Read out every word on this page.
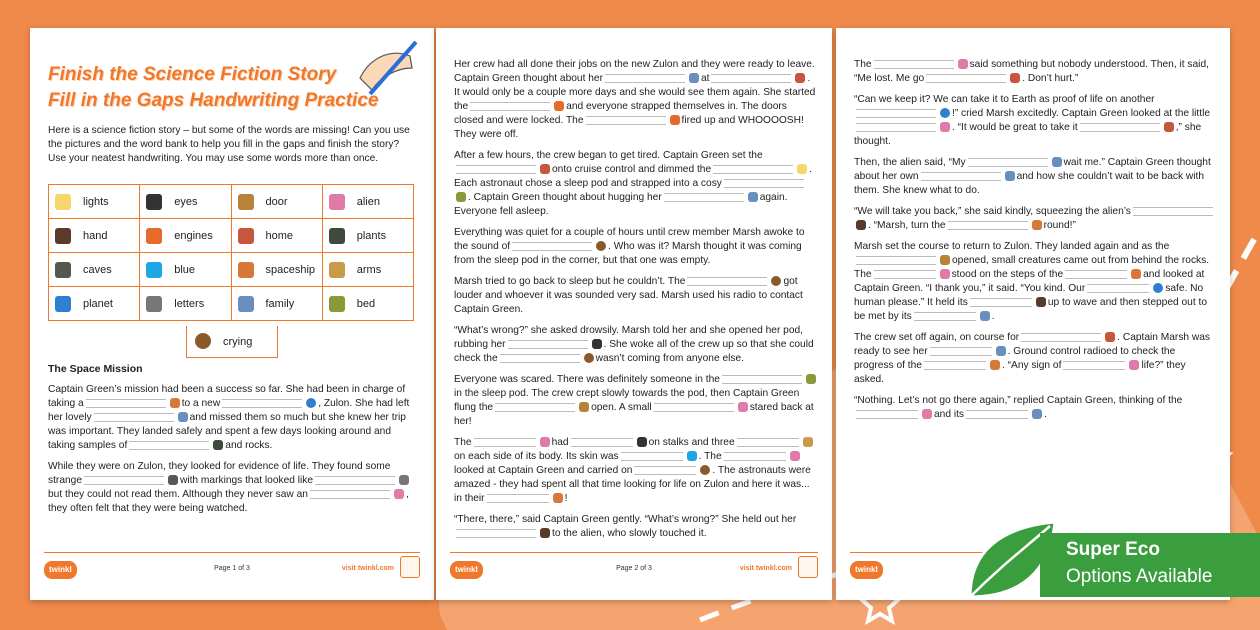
Finish the Science Fiction Story
Fill in the Gaps Handwriting Practice
Here is a science fiction story – but some of the words are missing! Can you use the pictures and the word bank to help you fill in the gaps and finish the story? Use your neatest handwriting. You may use some words more than once.
lights	eyes	door	alien

hand	engines	home	plants

caves	blue	spaceship	arms

planet	letters	family	bed
crying

The Space Mission

Captain Green’s mission had been a success so far. She had been in charge of taking a	to a new	, Zulon. She had left her lovely	and missed them so much but she knew her trip was important. They landed safely and spent a few days looking around and taking samples of	and rocks.

While they were on Zulon, they looked for evidence of life. They found some strange	with markings that looked likebut they could not read them. Although they never saw an	, they often felt that they were being watched.

twinkl	Page 1 of 3	visit twinkl.com

Her crew had all done their jobs on the new Zulon and they were ready to leave. Captain Green thought about her	at	. It would only be a couple more days and she would see them again. She started the	and everyone strapped themselves in. The doors closed and were locked. The	fired up and WHOOOOSH! They were off.

After a few hours, the crew began to get tired. Captain Green set theonto cruise control and dimmed the	. Each astronaut chose a sleep pod and strapped into a cosy. Captain Green thought about hugging her	again. Everyone fell asleep.

Everything was quiet for a couple of hours until crew member Marsh awoke to the sound of	. Who was it? Marsh thought it was coming from the sleep pod in the corner, but that one was empty.

Marsh tried to go back to sleep but he couldn’t. The	got louder and whoever it was sounded very sad. Marsh used his radio to contact Captain Green.

“What’s wrong?” she asked drowsily. Marsh told her and she opened her pod, rubbing her	. She woke all of the crew up so that she could check the	wasn’t coming from anyone else.

Everyone was scared. There was definitely someone in thein the sleep pod. The crew crept slowly towards the pod, then Captain Green flung the	open. A small	stared back at her!

The	had	on stalks and threeon each side of its body. Its skin was	. Thelooked at Captain Green and carried on	. The astronauts were amazed - they had spent all that time looking for life on Zulon and here it was... in their	!

“There, there,” said Captain Green gently. “What’s wrong?” She held out herto the alien, who slowly touched it.

twinkl	Page 2 of 3	visit twinkl.com

The	said something but nobody understood. Then, it said, “Me lost. Me go	. Don’t hurt.”

“Can we keep it? We can take it to Earth as proof of life on another!” cried Marsh excitedly. Captain Green looked at the little. “It would be great to take it	,” she thought.

Then, the alien said, “My	wait me.” Captain Green thought about her own	and how she couldn’t wait to be back with them. She knew what to do.

“We will take you back,” she said kindly, squeezing the alien’s. “Marsh, turn the	round!”

Marsh set the course to return to Zulon. They landed again and as theopened, small creatures came out from behind the rocks. The	stood on the steps of the	and looked at Captain Green. “I thank you,” it said. “You kind. Our	safe. No human please.” It held its	up to wave and then stepped out to be met by its	.

The crew set off again, on course for	. Captain Marsh was ready to see her	. Ground control radioed to check the progress of the	. “Any sign of	life?” they asked.

“Nothing. Let’s not go there again,” replied Captain Green, thinking of theand its	.

twinkl
Super Eco
Options Available
